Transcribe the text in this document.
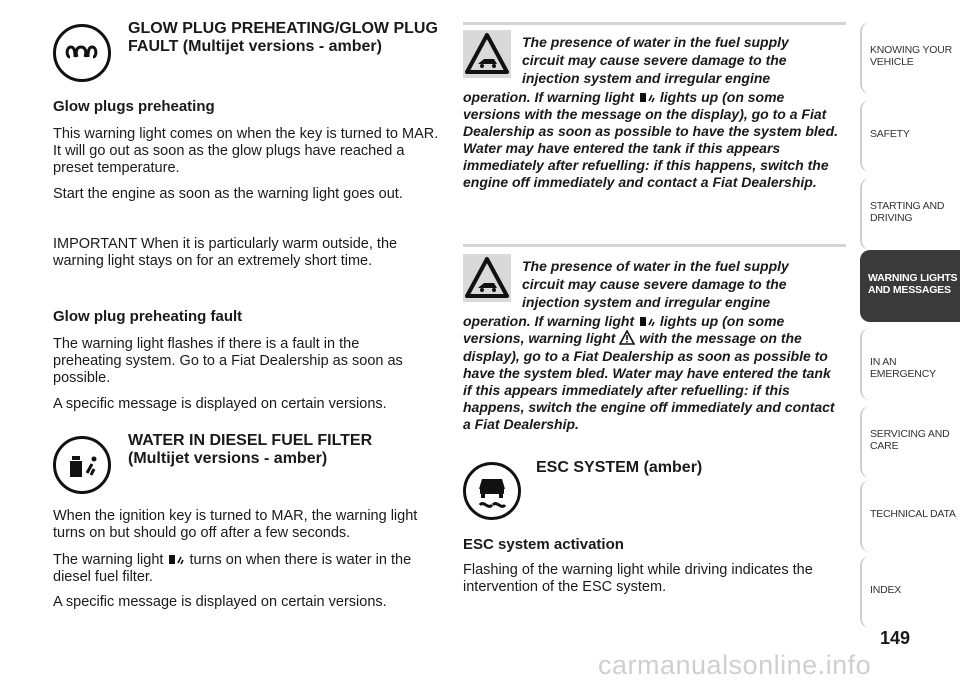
GLOW PLUG PREHEATING/GLOW PLUG FAULT (Multijet versions - amber)
Glow plugs preheating
This warning light comes on when the key is turned to MAR. It will go out as soon as the glow plugs have reached a preset temperature.
Start the engine as soon as the warning light goes out.
IMPORTANT When it is particularly warm outside, the warning light stays on for an extremely short time.
Glow plug preheating fault
The warning light flashes if there is a fault in the preheating system. Go to a Fiat Dealership as soon as possible.
A specific message is displayed on certain versions.
WATER IN DIESEL FUEL FILTER (Multijet versions - amber)
When the ignition key is turned to MAR, the warning light turns on but should go off after a few seconds.
The warning light turns on when there is water in the diesel fuel filter.
A specific message is displayed on certain versions.
The presence of water in the fuel supply
circuit may cause severe damage to the
injection system and irregular engine
operation. If warning light lights up (on some
versions with the message on the display), go to a Fiat Dealership as soon as possible to have the system bled. Water may have entered the tank if this appears immediately after refuelling: if this happens, switch the engine off immediately and contact a Fiat Dealership.
The presence of water in the fuel supply
circuit may cause severe damage to the
injection system and irregular engine
operation. If warning light lights up (on some
versions, warning light with the message on the
display), go to a Fiat Dealership as soon as possible to have the system bled. Water may have entered the tank if this appears immediately after refuelling: if this happens, switch the engine off immediately and contact a Fiat Dealership.
ESC SYSTEM (amber)
ESC system activation
Flashing of the warning light while driving indicates the intervention of the ESC system.
KNOWING YOUR
VEHICLE
SAFETY
STARTING AND
DRIVING
WARNING LIGHTS
AND MESSAGES
IN AN EMERGENCY
SERVICING AND
CARE
TECHNICAL DATA
INDEX
149
carmanualsonline.info
